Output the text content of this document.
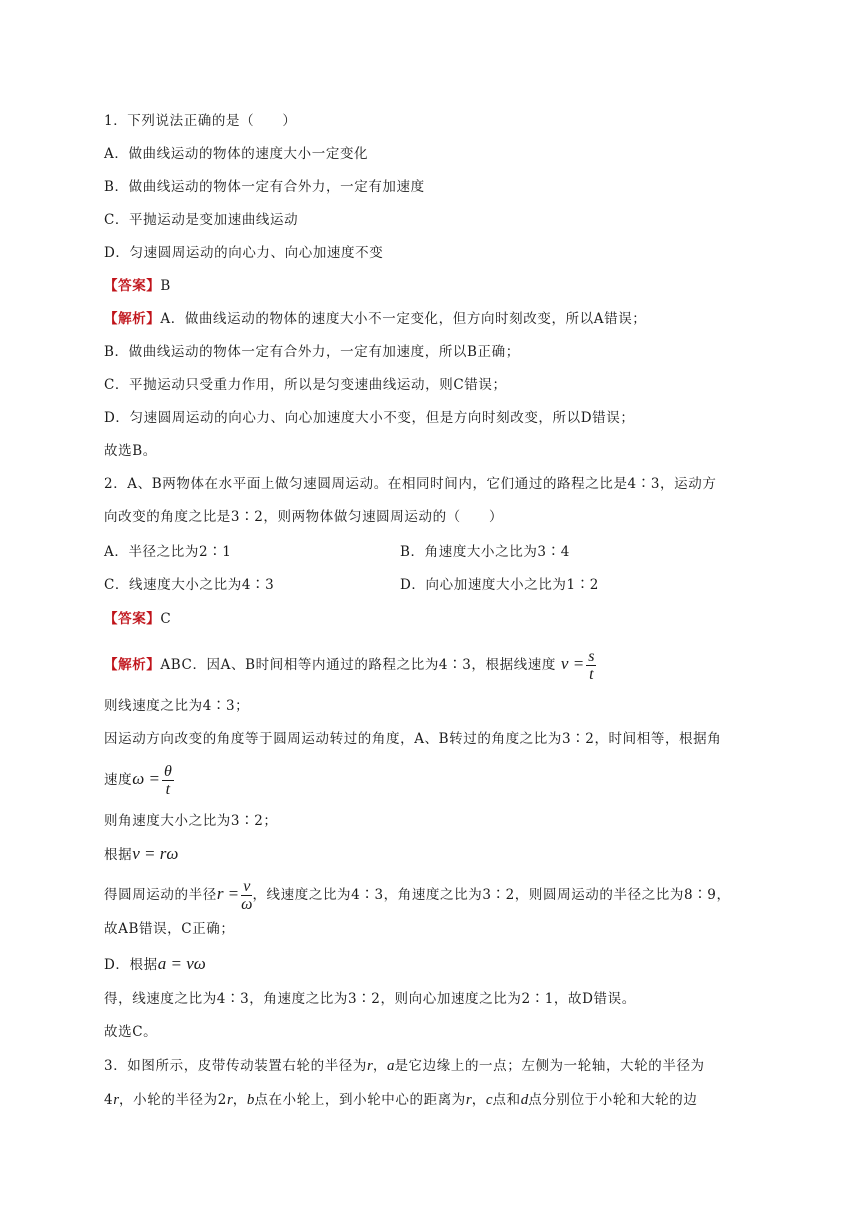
1．下列说法正确的是（　　）
A．做曲线运动的物体的速度大小一定变化
B．做曲线运动的物体一定有合外力，一定有加速度
C．平抛运动是变加速曲线运动
D．匀速圆周运动的向心力、向心加速度不变
【答案】B
【解析】A．做曲线运动的物体的速度大小不一定变化，但方向时刻改变，所以A错误；
B．做曲线运动的物体一定有合外力，一定有加速度，所以B正确；
C．平抛运动只受重力作用，所以是匀变速曲线运动，则C错误；
D．匀速圆周运动的向心力、向心加速度大小不变，但是方向时刻改变，所以D错误；
故选B。
2．A、B两物体在水平面上做匀速圆周运动。在相同时间内，它们通过的路程之比是4∶3，运动方
向改变的角度之比是3∶2，则两物体做匀速圆周运动的（　　）
A．半径之比为2∶1	B．角速度大小之比为3∶4
C．线速度大小之比为4∶3	D．向心加速度大小之比为1∶2
【答案】C
【解析】ABC．因A、B时间相等内通过的路程之比为4∶3，根据线速度 $v = \frac{s}{t}$
则线速度之比为4∶3；
因运动方向改变的角度等于圆周运动转过的角度，A、B转过的角度之比为3∶2，时间相等，根据角
速度$\omega = \frac{\theta}{t}$
则角速度大小之比为3∶2；
根据v = rω
得圆周运动的半径$r = \frac{v}{\omega}$ ，线速度之比为4∶3，角速度之比为3∶2，则圆周运动的半径之比为8∶9，
故AB错误，C正确；
D．根据a = vω
得，线速度之比为4∶3，角速度之比为3∶2，则向心加速度之比为2∶1，故D错误。
故选C。
3．如图所示，皮带传动装置右轮的半径为r，a是它边缘上的一点；左侧为一轮轴，大轮的半径为
4r，小轮的半径为2r，b点在小轮上，到小轮中心的距离为r，c点和d点分别位于小轮和大轮的边
